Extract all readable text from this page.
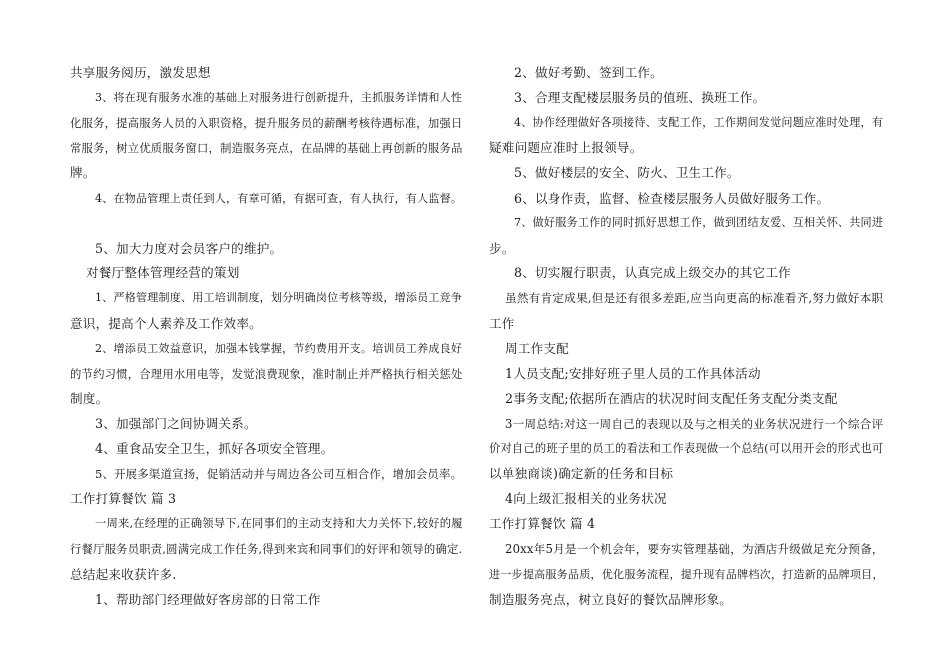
共享服务阅历，激发思想
3、将在现有服务水准的基础上对服务进行创新提升，主抓服务详情和人性
化服务，提高服务人员的入职资格，提升服务员的薪酬考核待遇标准，加强日
常服务，树立优质服务窗口，制造服务亮点，在品牌的基础上再创新的服务品
牌。
4、在物品管理上责任到人，有章可循，有据可查，有人执行，有人监督。
5、加大力度对会员客户的维护。
对餐厅整体管理经营的策划
1、严格管理制度、用工培训制度，划分明确岗位考核等级，增添员工竞争
意识，提高个人素养及工作效率。
2、增添员工效益意识，加强本钱掌握，节约费用开支。培训员工养成良好
的节约习惯，合理用水用电等，发觉浪费现象，准时制止并严格执行相关惩处
制度。
3、加强部门之间协调关系。
4、重食品安全卫生，抓好各项安全管理。
5、开展多渠道宣扬，促销活动并与周边各公司互相合作，增加会员率。
工作打算餐饮 篇 3
一周来,在经理的正确领导下,在同事们的主动支持和大力关怀下,较好的履
行餐厅服务员职责,圆满完成工作任务,得到来宾和同事们的好评和领导的确定.
总结起来收获许多.
1、帮助部门经理做好客房部的日常工作
2、做好考勤、签到工作。
3、合理支配楼层服务员的值班、换班工作。
4、协作经理做好各项接待、支配工作，工作期间发觉问题应准时处理，有
疑难问题应准时上报领导。
5、做好楼层的安全、防火、卫生工作。
6、以身作责，监督、检查楼层服务人员做好服务工作。
7、做好服务工作的同时抓好思想工作，做到团结友爱、互相关怀、共同进
步。
8、切实履行职责，认真完成上级交办的其它工作
虽然有肯定成果,但是还有很多差距,应当向更高的标准看齐,努力做好本职
工作
周工作支配
1人员支配;安排好班子里人员的工作具体活动
2事务支配;依据所在酒店的状况时间支配任务支配分类支配
3一周总结:对这一周自己的表现以及与之相关的业务状况进行一个综合评
价对自己的班子里的员工的看法和工作表现做一个总结(可以用开会的形式也可
以单独商谈)确定新的任务和目标
4向上级汇报相关的业务状况
工作打算餐饮 篇 4
20xx年5月是一个机会年，要夯实管理基础，为酒店升级做足充分预备，
进一步提高服务品质，优化服务流程，提升现有品牌档次，打造新的品牌项目，
制造服务亮点，树立良好的餐饮品牌形象。
